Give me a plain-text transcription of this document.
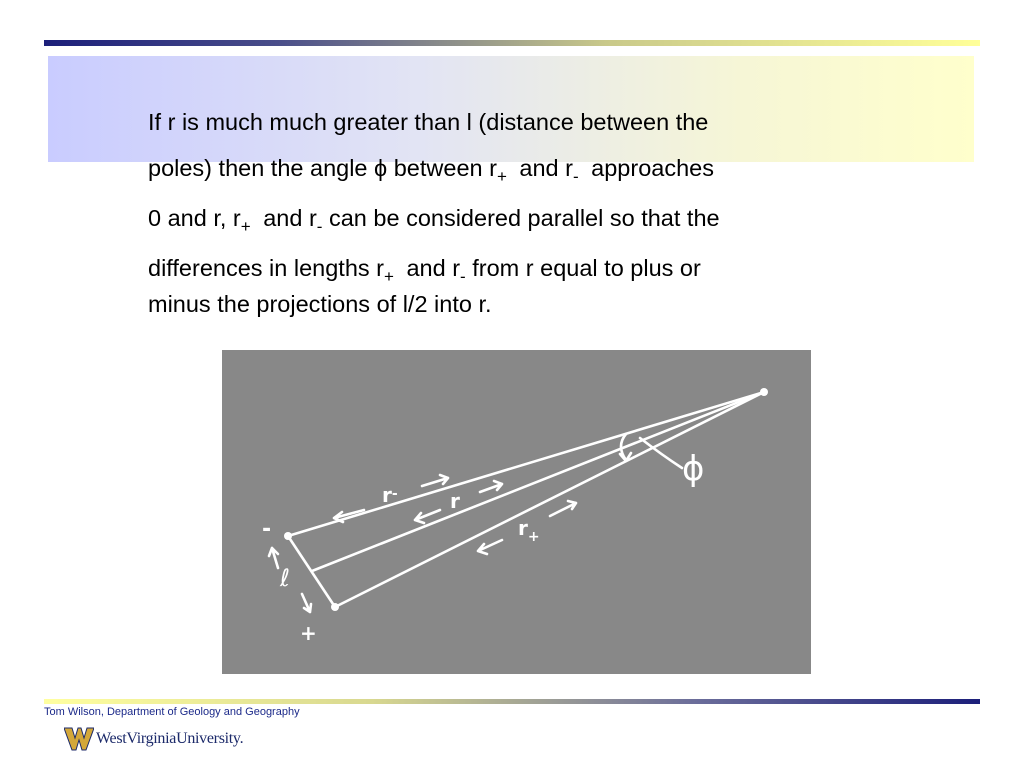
If r is much much greater than l (distance between the
poles) then the angle ϕ between $r_+$ and $r_-$ approaches
0 and r, $r_+$ and $r_-$ can be considered parallel so that the
differences in lengths $r_+$ and $r_-$ from r equal to plus or
minus the projections of l/2 into r.
r-	r
$r_+$
ϕ
ℓ
-
+
Tom Wilson, Department of Geology and Geography
WestVirginiaUniversity.
